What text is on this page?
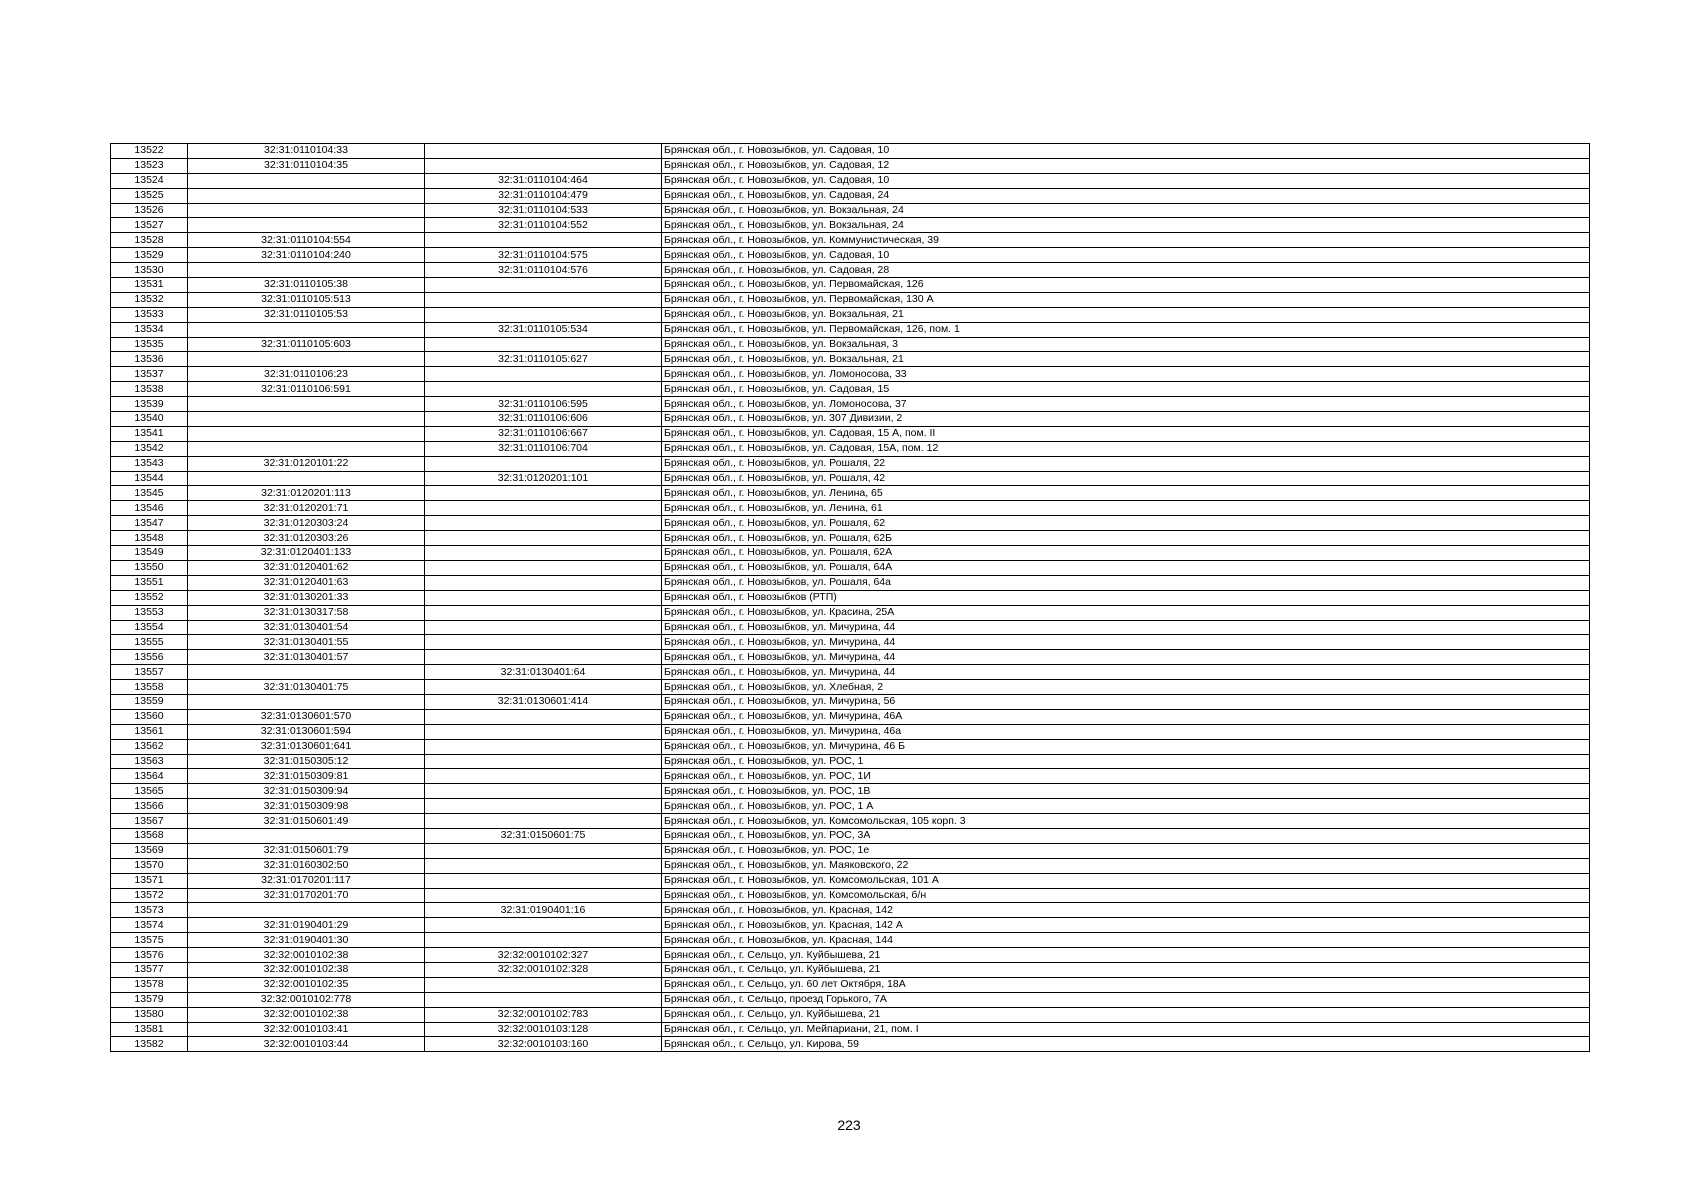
13522	32:31:0110104:33		Брянская обл., г. Новозыбков, ул. Садовая, 10
13523	32:31:0110104:35		Брянская обл., г. Новозыбков, ул. Садовая, 12
13524		32:31:0110104:464	Брянская обл., г. Новозыбков, ул. Садовая, 10
13525		32:31:0110104:479	Брянская обл., г. Новозыбков, ул. Садовая, 24
13526		32:31:0110104:533	Брянская обл., г. Новозыбков, ул. Вокзальная, 24
13527		32:31:0110104:552	Брянская обл., г. Новозыбков, ул. Вокзальная, 24
13528	32:31:0110104:554		Брянская обл., г. Новозыбков, ул. Коммунистическая, 39
13529	32:31:0110104:240	32:31:0110104:575	Брянская обл., г. Новозыбков, ул. Садовая, 10
13530		32:31:0110104:576	Брянская обл., г. Новозыбков, ул. Садовая, 28
13531	32:31:0110105:38		Брянская обл., г. Новозыбков, ул. Первомайская, 126
13532	32:31:0110105:513		Брянская обл., г. Новозыбков, ул. Первомайская, 130 А
13533	32:31:0110105:53		Брянская обл., г. Новозыбков, ул. Вокзальная, 21
13534		32:31:0110105:534	Брянская обл., г. Новозыбков, ул. Первомайская, 126, пом. 1
13535	32:31:0110105:603		Брянская обл., г. Новозыбков, ул. Вокзальная, 3
13536		32:31:0110105:627	Брянская обл., г. Новозыбков, ул. Вокзальная, 21
13537	32:31:0110106:23		Брянская обл., г. Новозыбков, ул. Ломоносова, 33
13538	32:31:0110106:591		Брянская обл., г. Новозыбков, ул. Садовая, 15
13539		32:31:0110106:595	Брянская обл., г. Новозыбков, ул. Ломоносова, 37
13540		32:31:0110106:606	Брянская обл., г. Новозыбков, ул. 307 Дивизии, 2
13541		32:31:0110106:667	Брянская обл., г. Новозыбков, ул. Садовая, 15 А, пом. II
13542		32:31:0110106:704	Брянская обл., г. Новозыбков, ул. Садовая, 15А, пом. 12
13543	32:31:0120101:22		Брянская обл., г. Новозыбков, ул. Рошаля, 22
13544		32:31:0120201:101	Брянская обл., г. Новозыбков, ул. Рошаля, 42
13545	32:31:0120201:113		Брянская обл., г. Новозыбков, ул. Ленина, 65
13546	32:31:0120201:71		Брянская обл., г. Новозыбков, ул. Ленина, 61
13547	32:31:0120303:24		Брянская обл., г. Новозыбков, ул. Рошаля, 62
13548	32:31:0120303:26		Брянская обл., г. Новозыбков, ул. Рошаля, 62Б
13549	32:31:0120401:133		Брянская обл., г. Новозыбков, ул. Рошаля, 62А
13550	32:31:0120401:62		Брянская обл., г. Новозыбков, ул. Рошаля, 64А
13551	32:31:0120401:63		Брянская обл., г. Новозыбков, ул. Рошаля, 64а
13552	32:31:0130201:33		Брянская обл., г. Новозыбков (РТП)
13553	32:31:0130317:58		Брянская обл., г. Новозыбков, ул. Красина, 25А
13554	32:31:0130401:54		Брянская обл., г. Новозыбков, ул. Мичурина, 44
13555	32:31:0130401:55		Брянская обл., г. Новозыбков, ул. Мичурина, 44
13556	32:31:0130401:57		Брянская обл., г. Новозыбков, ул. Мичурина, 44
13557		32:31:0130401:64	Брянская обл., г. Новозыбков, ул. Мичурина, 44
13558	32:31:0130401:75		Брянская обл., г. Новозыбков, ул. Хлебная, 2
13559		32:31:0130601:414	Брянская обл., г. Новозыбков, ул. Мичурина, 56
13560	32:31:0130601:570		Брянская обл., г. Новозыбков, ул. Мичурина, 46А
13561	32:31:0130601:594		Брянская обл., г. Новозыбков, ул. Мичурина, 46а
13562	32:31:0130601:641		Брянская обл., г. Новозыбков, ул. Мичурина, 46 Б
13563	32:31:0150305:12		Брянская обл., г. Новозыбков, ул. РОС, 1
13564	32:31:0150309:81		Брянская обл., г. Новозыбков, ул. РОС, 1И
13565	32:31:0150309:94		Брянская обл., г. Новозыбков, ул. РОС, 1В
13566	32:31:0150309:98		Брянская обл., г. Новозыбков, ул. РОС, 1 А
13567	32:31:0150601:49		Брянская обл., г. Новозыбков, ул. Комсомольская, 105 корп. 3
13568		32:31:0150601:75	Брянская обл., г. Новозыбков, ул. РОС, 3А
13569	32:31:0150601:79		Брянская обл., г. Новозыбков, ул. РОС, 1е
13570	32:31:0160302:50		Брянская обл., г. Новозыбков, ул. Маяковского, 22
13571	32:31:0170201:117		Брянская обл., г. Новозыбков, ул. Комсомольская, 101 А
13572	32:31:0170201:70		Брянская обл., г. Новозыбков, ул. Комсомольская, б/н
13573		32:31:0190401:16	Брянская обл., г. Новозыбков, ул. Красная, 142
13574	32:31:0190401:29		Брянская обл., г. Новозыбков, ул. Красная, 142 А
13575	32:31:0190401:30		Брянская обл., г. Новозыбков, ул. Красная, 144
13576	32:32:0010102:38	32:32:0010102:327	Брянская обл., г. Сельцо, ул. Куйбышева, 21
13577	32:32:0010102:38	32:32:0010102:328	Брянская обл., г. Сельцо, ул. Куйбышева, 21
13578	32:32:0010102:35		Брянская обл., г. Сельцо, ул. 60 лет Октября, 18А
13579	32:32:0010102:778		Брянская обл., г. Сельцо, проезд Горького, 7А
13580	32:32:0010102:38	32:32:0010102:783	Брянская обл., г. Сельцо, ул. Куйбышева, 21
13581	32:32:0010103:41	32:32:0010103:128	Брянская обл., г. Сельцо, ул. Мейпариани, 21, пом. I
13582	32:32:0010103:44	32:32:0010103:160	Брянская обл., г. Сельцо, ул. Кирова, 59
223
